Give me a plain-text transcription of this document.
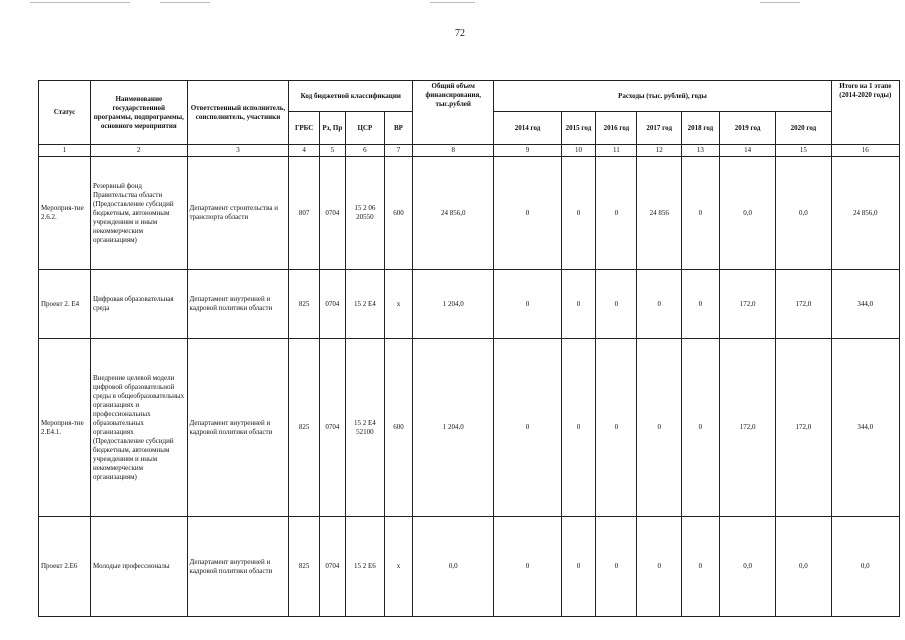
72
Статус	Наименование государственной программы, подпрограммы, основного мероприятия	Ответственный исполнитель, соисполнитель, участники	Код бюджетной классификации				Общий объем финансирования, тыс.рублей	Расходы (тыс. рублей), годы							Итого на 1 этапе (2014-2020 годы)
			ГРБС	Рз, Пр	ЦСР	ВР		2014 год	2015 год	2016 год	2017 год	2018 год	2019 год	2020 год	
1	2	3	4	5	6	7	8	9	10	11	12	13	14	15	16
Мероприя-тие 2.6.2.	Резервный фонд Правительства области (Предоставление субсидий бюджетным, автономным учреждениям и иным некоммерческим организациям)	Департамент строительства и транспорта области	807	0704	15 2 06 20550	600	24 856,0	0	0	0	24 856	0	0,0	0,0	24 856,0
Проект 2. Е4	Цифровая образовательная среда	Департамент внутренней и кадровой политики области	825	0704	15 2 Е4	х	1 204,0	0	0	0	0	0	172,0	172,0	344,0
Мероприя-тие 2.Е4.1.	Внедрение целевой модели цифровой образовательной среды в общеобразовательных организациях и профессиональных образовательных организациях (Предоставление субсидий бюджетным, автономным учреждениям и иным некоммерческим организациям)	Департамент внутренней и кадровой политики области	825	0704	15 2 Е4 52100	600	1 204,0	0	0	0	0	0	172,0	172,0	344,0
Проект 2.Е6	Молодые профессионалы	Департамент внутренней и кадровой политики области	825	0704	15 2 Е6	х	0,0	0	0	0	0	0	0,0	0,0	0,0
